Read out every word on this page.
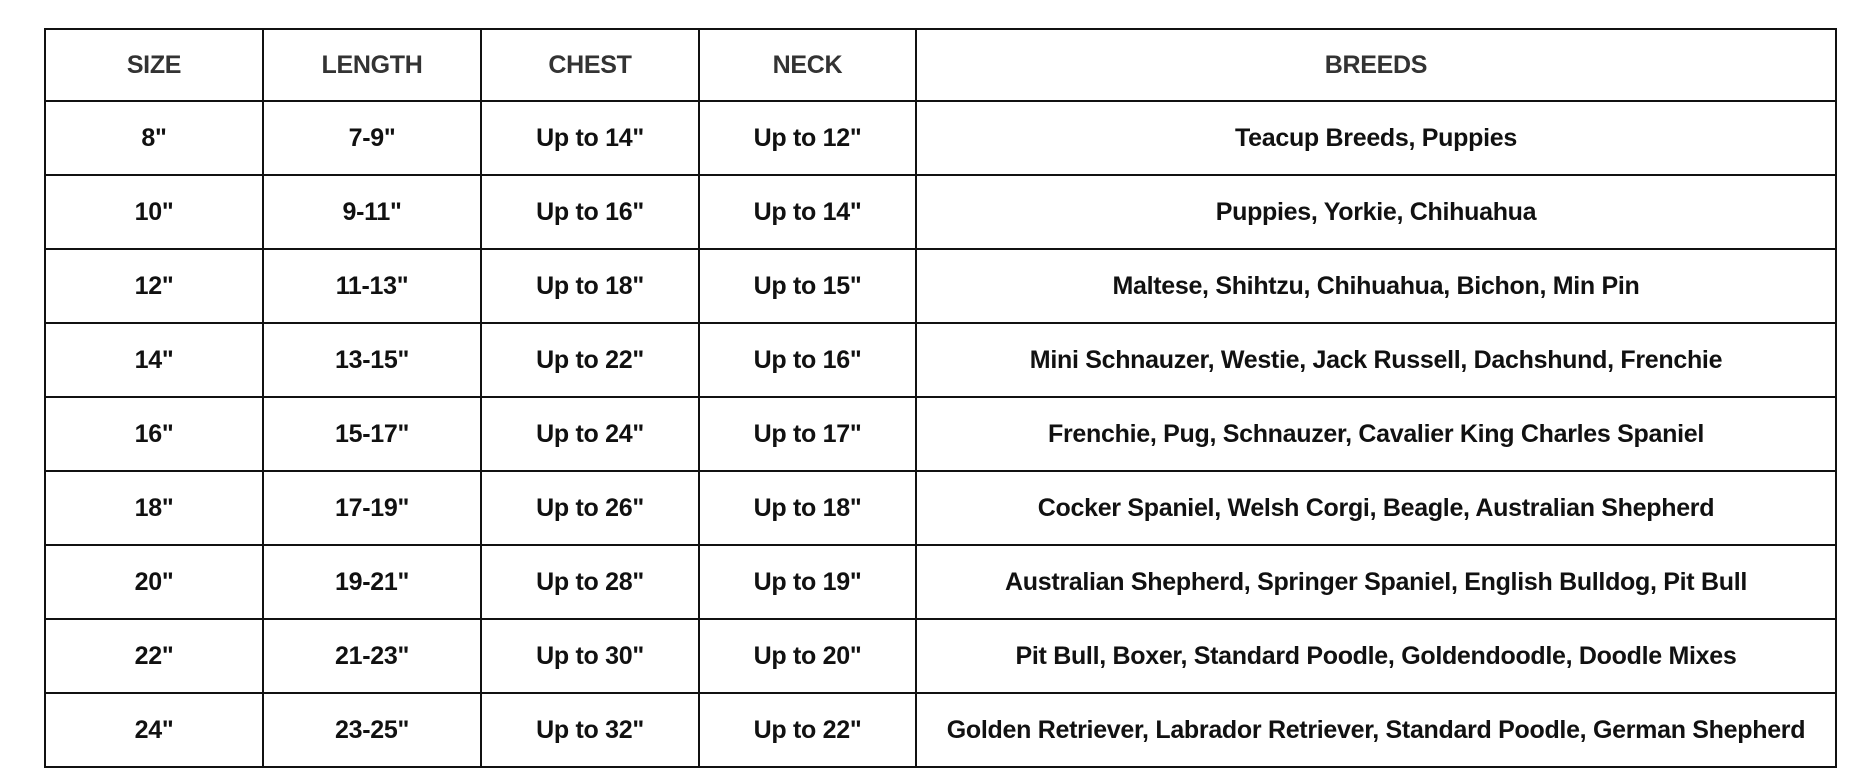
SIZE	LENGTH	CHEST	NECK	BREEDS
8"	7-9"	Up to 14"	Up to 12"	Teacup Breeds, Puppies
10"	9-11"	Up to 16"	Up to 14"	Puppies, Yorkie, Chihuahua
12"	11-13"	Up to 18"	Up to 15"	Maltese, Shihtzu, Chihuahua, Bichon, Min Pin
14"	13-15"	Up to 22"	Up to 16"	Mini Schnauzer, Westie, Jack Russell, Dachshund, Frenchie
16"	15-17"	Up to 24"	Up to 17"	Frenchie, Pug, Schnauzer, Cavalier King Charles Spaniel
18"	17-19"	Up to 26"	Up to 18"	Cocker Spaniel, Welsh Corgi, Beagle, Australian Shepherd
20"	19-21"	Up to 28"	Up to 19"	Australian Shepherd, Springer Spaniel, English Bulldog, Pit Bull
22"	21-23"	Up to 30"	Up to 20"	Pit Bull, Boxer, Standard Poodle, Goldendoodle, Doodle Mixes
24"	23-25"	Up to 32"	Up to 22"	Golden Retriever, Labrador Retriever, Standard Poodle, German Shepherd
